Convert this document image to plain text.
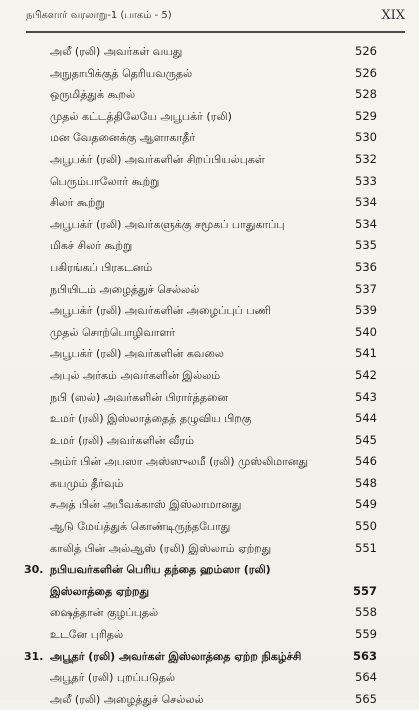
நபிகளார் வரலாறு-1 (பாகம் - 5)	XIX
அலீ (ரலி) அவர்கள் வயது	526
அநுதாபிக்குத் தெரியவருதல்	526
ஒருமித்துக் கூறல்	528
முதல் கட்டத்திலேயே அபூபக்ர் (ரலி)	529
மன வேதனைக்கு ஆளாகாதீர்	530
அபூபக்ர் (ரலி) அவர்களின் சிறப்பியல்புகள்	532
பெரும்பாலோர் கூற்று	533
சிலர் கூற்று	534
அபூபக்ர் (ரலி) அவர்களுக்கு சமூகப் பாதுகாப்பு	534
மிகச் சிலர் கூற்று	535
பகிரங்கப் பிரகடனம்	536
நபியிடம் அழைத்துச் செல்லல்	537
அபூபக்ர் (ரலி) அவர்களின் அழைப்புப் பணி	539
முதல் சொற்பொழிவாளர்	540
அபூபக்ர் (ரலி) அவர்களின் கவலை	541
அபுல் அர்கம் அவர்களின் இல்லம்	542
நபி (ஸல்) அவர்களின் பிரார்த்தனை	543
உமர் (ரலி) இஸ்லாத்தைத் தழுவிய பிறகு	544
உமர் (ரலி) அவர்களின் வீரம்	545
அம்ர் பின் அபஸா அஸ்ஸுலமீ (ரலி) முஸ்லிமானது	546
கயமும் தீர்வும்	548
சஅத் பின் அபீவக்காஸ் இஸ்லாமானது	549
ஆடு மேய்த்துக் கொண்டிருந்தபோது	550
காலித் பின் அல்ஆஸ் (ரலி) இஸ்லாம் ஏற்றது	551
30. நபியவர்களின் பெரிய தந்தை ஹம்ஸா (ரலி)
இஸ்லாத்தை ஏற்றது	557
ஷைத்தான் குழப்புதல்	558
உடனே புரிதல்	559
31. அபூதர் (ரலி) அவர்கள் இஸ்லாத்தை ஏற்ற நிகழ்ச்சி	563
அபூதர் (ரலி) புறப்படுதல்	564
அலீ (ரலி) அழைத்துச் செல்லல்	565
